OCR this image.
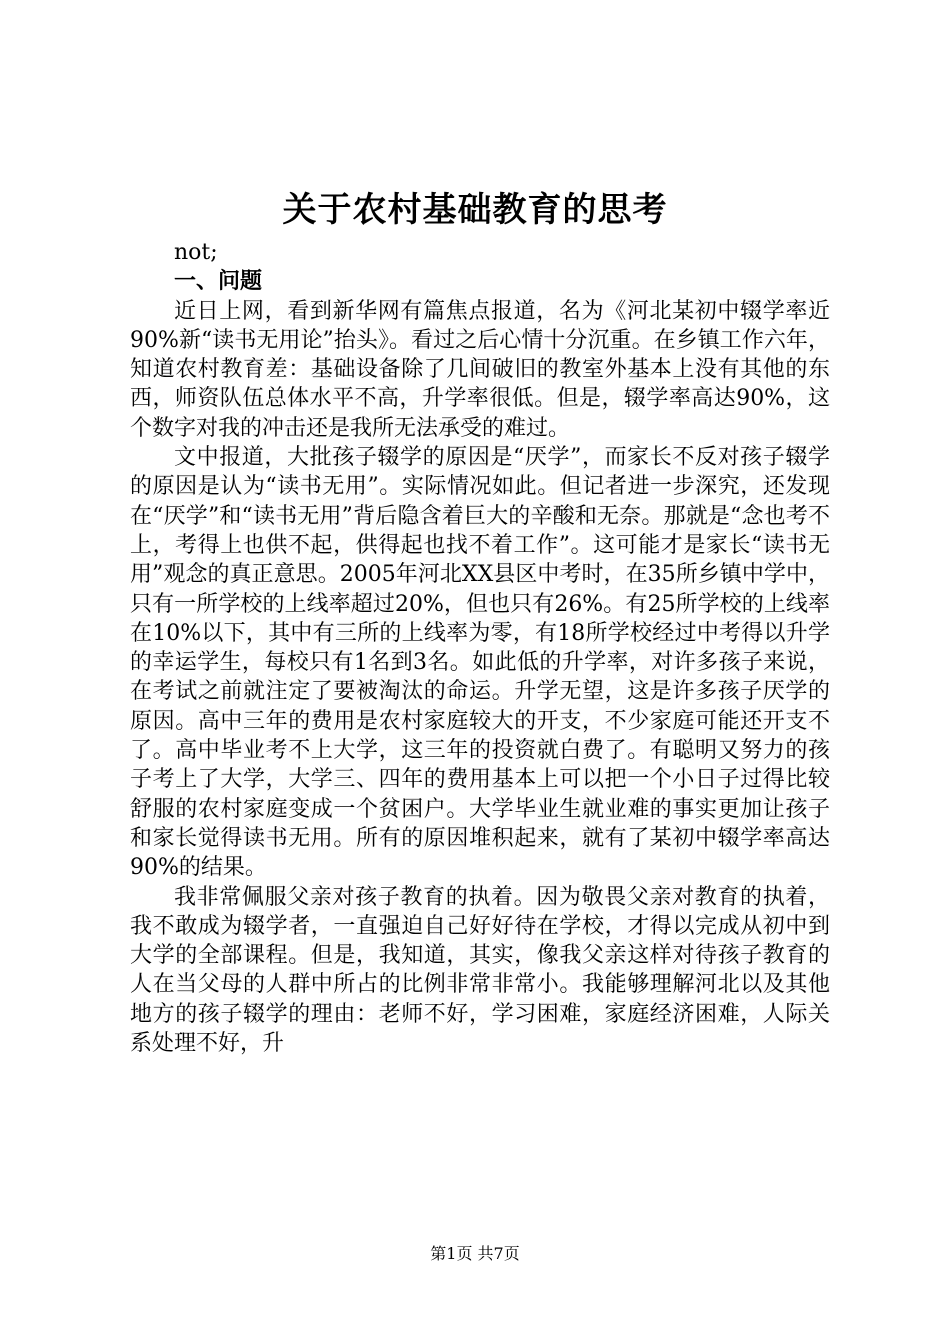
关于农村基础教育的思考

not;

一、问题

近日上网，看到新华网有篇焦点报道，名为《河北某初中辍学率近90%新“读书无用论”抬头》。看过之后心情十分沉重。在乡镇工作六年，知道农村教育差：基础设备除了几间破旧的教室外基本上没有其他的东西，师资队伍总体水平不高，升学率很低。但是，辍学率高达90%，这个数字对我的冲击还是我所无法承受的难过。

文中报道，大批孩子辍学的原因是“厌学”，而家长不反对孩子辍学的原因是认为“读书无用”。实际情况如此。但记者进一步深究，还发现在“厌学”和“读书无用”背后隐含着巨大的辛酸和无奈。那就是“念也考不上，考得上也供不起，供得起也找不着工作”。这可能才是家长“读书无用”观念的真正意思。2005年河北XX县区中考时，在35所乡镇中学中，只有一所学校的上线率超过20%，但也只有26%。有25所学校的上线率在10%以下，其中有三所的上线率为零，有18所学校经过中考得以升学的幸运学生，每校只有1名到3名。如此低的升学率，对许多孩子来说，在考试之前就注定了要被淘汰的命运。升学无望，这是许多孩子厌学的原因。高中三年的费用是农村家庭较大的开支，不少家庭可能还开支不了。高中毕业考不上大学，这三年的投资就白费了。有聪明又努力的孩子考上了大学，大学三、四年的费用基本上可以把一个小日子过得比较舒服的农村家庭变成一个贫困户。大学毕业生就业难的事实更加让孩子和家长觉得读书无用。所有的原因堆积起来，就有了某初中辍学率高达90%的结果。

我非常佩服父亲对孩子教育的执着。因为敬畏父亲对教育的执着，我不敢成为辍学者，一直强迫自己好好待在学校，才得以完成从初中到大学的全部课程。但是，我知道，其实，像我父亲这样对待孩子教育的人在当父母的人群中所占的比例非常非常小。我能够理解河北以及其他地方的孩子辍学的理由：老师不好，学习困难，家庭经济困难，人际关系处理不好，升

第1页 共7页
